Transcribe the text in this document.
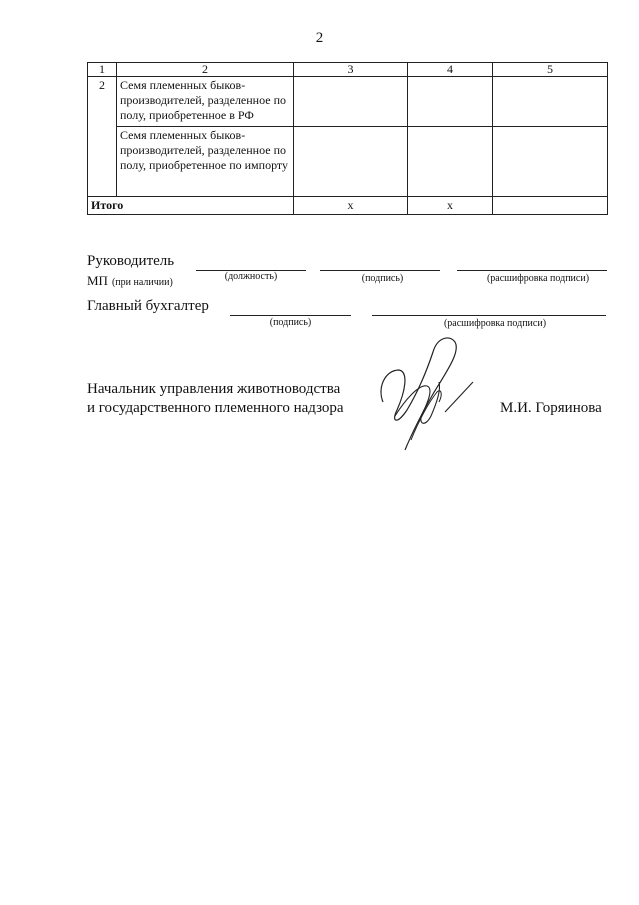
2
1	2	3	4	5
2	Семя племенных быков-производителей, разделенное по полу, приобретенное в РФ			
	Семя племенных быков-производителей, разделенное по полу, приобретенное по импорту			
Итого		х	х	
Руководитель
МП (при наличии)
(должность)	(подпись)	(расшифровка подписи)
Главный бухгалтер
(подпись)	(расшифровка подписи)
Начальник управления животноводства
и государственного племенного надзора	М.И. Горяинова
